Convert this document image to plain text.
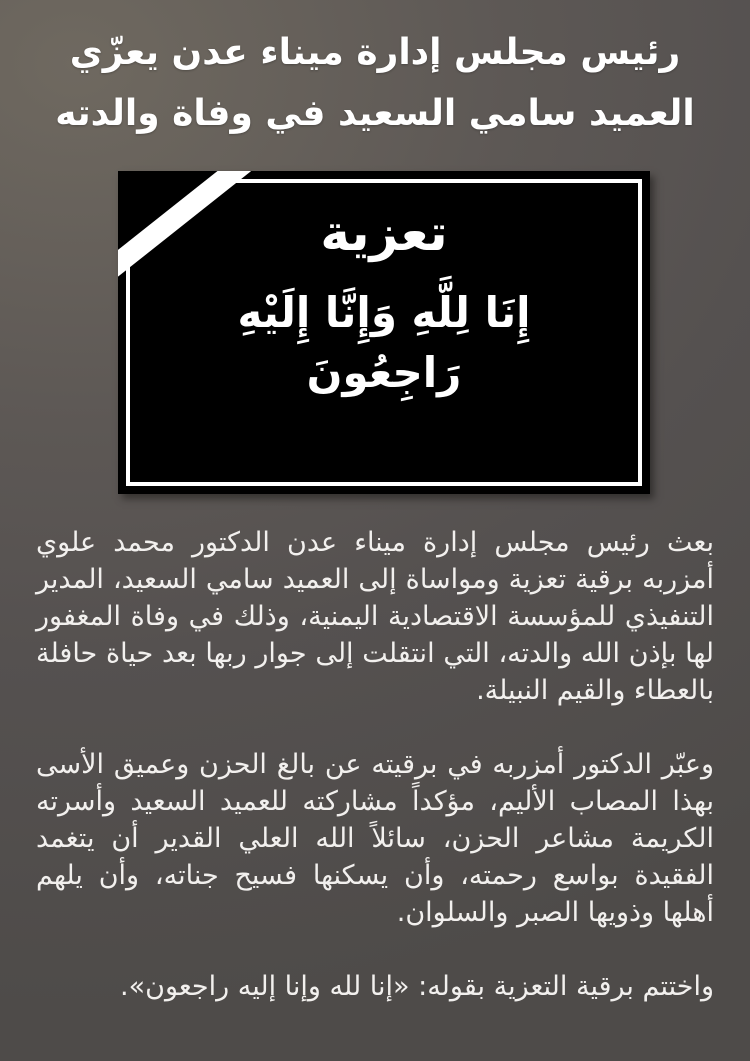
رئيس مجلس إدارة ميناء عدن يعزّي
العميد سامي السعيد في وفاة والدته
تعزية
إِنَا لِلَّهِ وَإِنَّا إِلَيْهِ رَاجِعُونَ

بعث رئيس مجلس إدارة ميناء عدن الدكتور محمد علوي أمزربه برقية تعزية ومواساة إلى العميد سامي السعيد، المدير التنفيذي للمؤسسة الاقتصادية اليمنية، وذلك في وفاة المغفور لها بإذن الله والدته، التي انتقلت إلى جوار ربها بعد حياة حافلة بالعطاء والقيم النبيلة.

وعبّر الدكتور أمزربه في برقيته عن بالغ الحزن وعميق الأسى بهذا المصاب الأليم، مؤكداً مشاركته للعميد السعيد وأسرته الكريمة مشاعر الحزن، سائلاً الله العلي القدير أن يتغمد الفقيدة بواسع رحمته، وأن يسكنها فسيح جناته، وأن يلهم أهلها وذويها الصبر والسلوان.

واختتم برقية التعزية بقوله: «إنا لله وإنا إليه راجعون».
